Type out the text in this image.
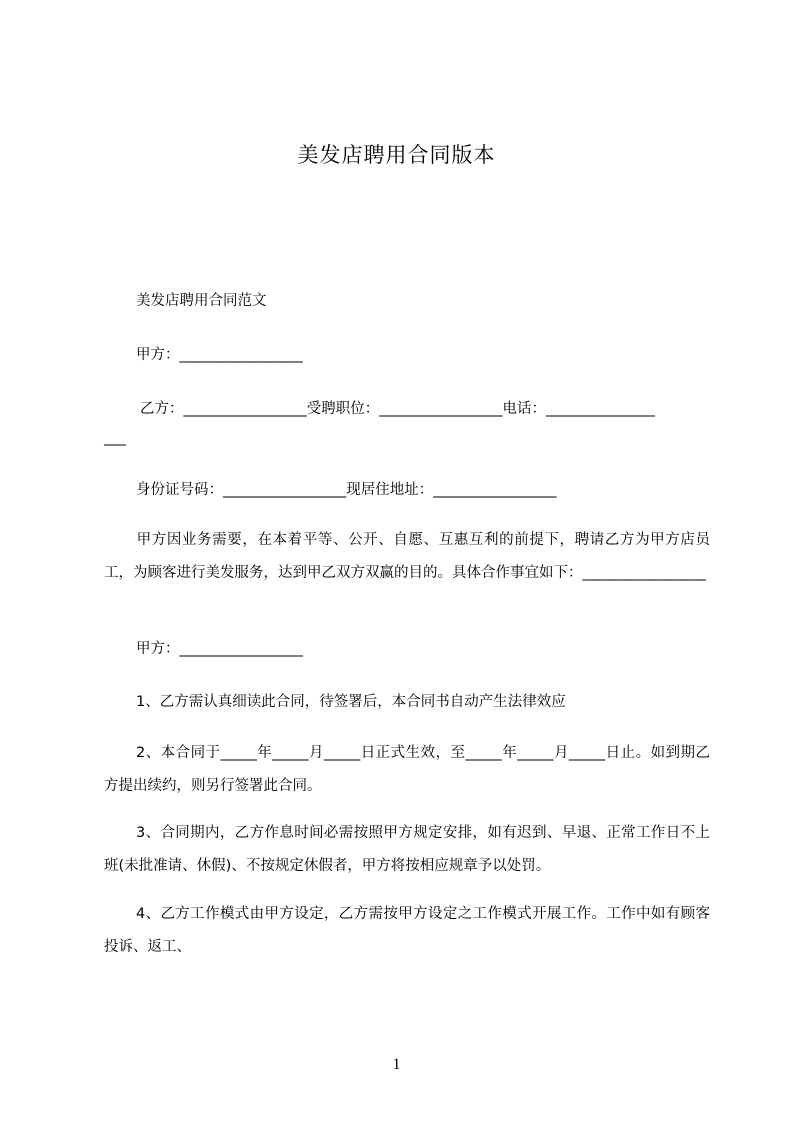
美发店聘用合同版本
美发店聘用合同范文
甲方：_________________
乙方：_________________受聘职位：_________________电话：_______________
___
身份证号码：_________________现居住地址：_________________
甲方因业务需要，在本着平等、公开、自愿、互惠互利的前提下，聘请乙方为甲方店员工，为顾客进行美发服务，达到甲乙双方双赢的目的。具体合作事宜如下：_________________
甲方：_________________
1、乙方需认真细读此合同，待签署后，本合同书自动产生法律效应
2、本合同于_____年_____月_____日正式生效，至_____年_____月_____日止。如到期乙方提出续约，则另行签署此合同。
3、合同期内，乙方作息时间必需按照甲方规定安排，如有迟到、早退、正常工作日不上班(未批准请、休假)、不按规定休假者，甲方将按相应规章予以处罚。
4、乙方工作模式由甲方设定，乙方需按甲方设定之工作模式开展工作。工作中如有顾客投诉、返工、
1
